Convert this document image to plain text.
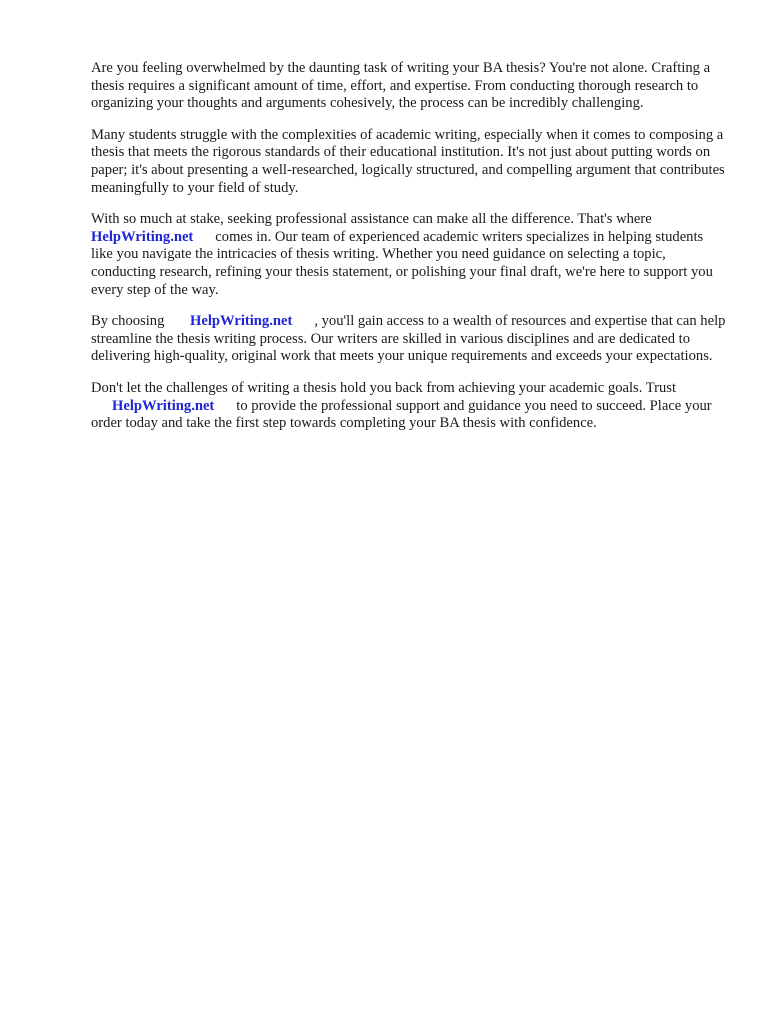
Are you feeling overwhelmed by the daunting task of writing your BA thesis? You're not alone. Crafting a thesis requires a significant amount of time, effort, and expertise. From conducting thorough research to organizing your thoughts and arguments cohesively, the process can be incredibly challenging.

Many students struggle with the complexities of academic writing, especially when it comes to composing a thesis that meets the rigorous standards of their educational institution. It's not just about putting words on paper; it's about presenting a well-researched, logically structured, and compelling argument that contributes meaningfully to your field of study.

With so much at stake, seeking professional assistance can make all the difference. That's where
HelpWriting.net comes in. Our team of experienced academic writers specializes in helping students like you navigate the intricacies of thesis writing. Whether you need guidance on selecting a topic, conducting research, refining your thesis statement, or polishing your final draft, we're here to support you every step of the way.

By choosing HelpWriting.net , you'll gain access to a wealth of resources and expertise that can help streamline the thesis writing process. Our writers are skilled in various disciplines and are dedicated to delivering high-quality, original work that meets your unique requirements and exceeds your expectations.

Don't let the challenges of writing a thesis hold you back from achieving your academic goals. Trust
HelpWriting.net to provide the professional support and guidance you need to succeed. Place your order today and take the first step towards completing your BA thesis with confidence.
